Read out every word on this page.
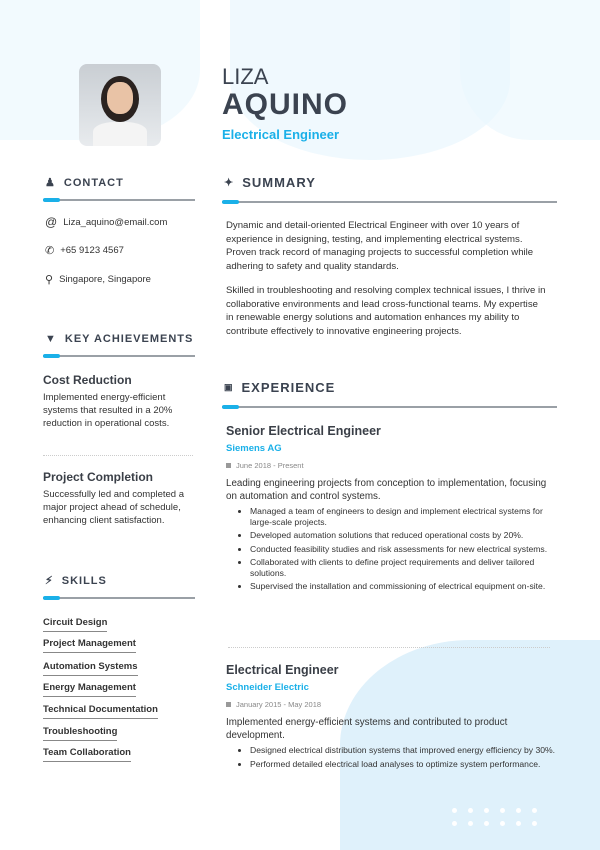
LIZA
AQUINO
Electrical Engineer
♟ CONTACT
@ Liza_aquino@email.com
✆ +65 9123 4567
⚲ Singapore, Singapore
▼ KEY ACHIEVEMENTS
Cost Reduction

Implemented energy-efficient systems that resulted in a 20% reduction in operational costs.

Project Completion

Successfully led and completed a major project ahead of schedule, enhancing client satisfaction.

⚡︎ SKILLS
Circuit Design
Project Management
Automation Systems
Energy Management
Technical Documentation
Troubleshooting
Team Collaboration
✦ SUMMARY

Dynamic and detail-oriented Electrical Engineer with over 10 years of experience in designing, testing, and implementing electrical systems. Proven track record of managing projects to successful completion while adhering to safety and quality standards.

Skilled in troubleshooting and resolving complex technical issues, I thrive in collaborative environments and lead cross-functional teams. My expertise in renewable energy solutions and automation enhances my ability to contribute effectively to innovative engineering projects.

▣ EXPERIENCE
Senior Electrical Engineer
Siemens AG
June 2018 - Present
Leading engineering projects from conception to implementation, focusing on automation and control systems.
• Managed a team of engineers to design and implement electrical systems for large-scale projects.
• Developed automation solutions that reduced operational costs by 20%.
• Conducted feasibility studies and risk assessments for new electrical systems.
• Collaborated with clients to define project requirements and deliver tailored solutions.
• Supervised the installation and commissioning of electrical equipment on-site.
Electrical Engineer
Schneider Electric
January 2015 - May 2018
Implemented energy-efficient systems and contributed to product development.
• Designed electrical distribution systems that improved energy efficiency by 30%.
• Performed detailed electrical load analyses to optimize system performance.
